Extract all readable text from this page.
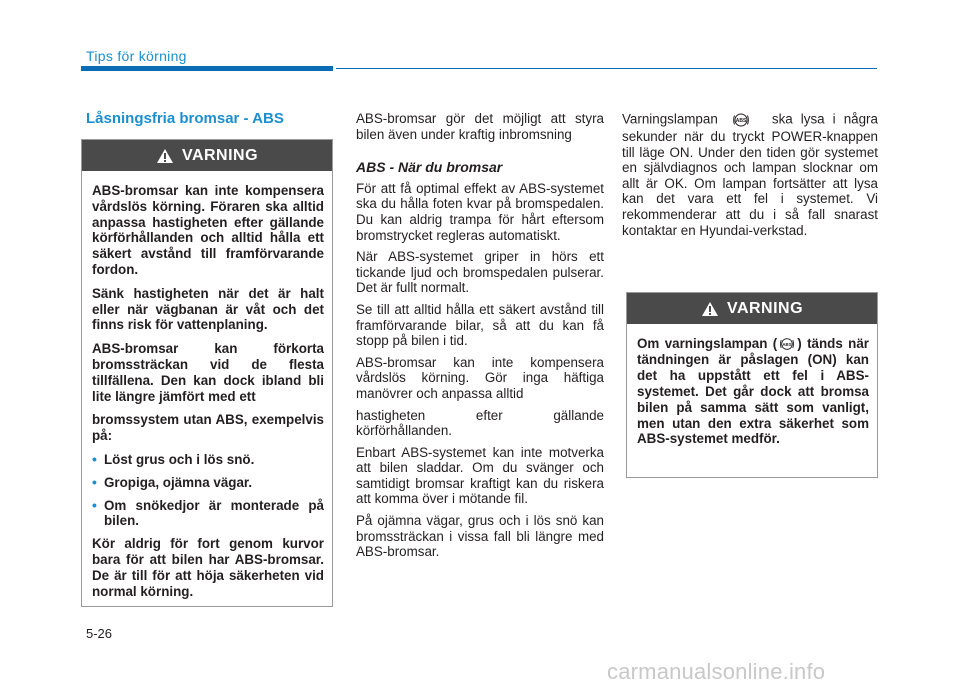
Tips för körning
Låsningsfria bromsar - ABS
VARNING

ABS-bromsar kan inte kompensera vårdslös körning. Föraren ska alltid anpassa hastigheten efter gällande körförhållanden och alltid hålla ett säkert avstånd till framförvarande fordon.

Sänk hastigheten när det är halt eller när vägbanan är våt och det finns risk för vattenplaning.

ABS-bromsar kan förkorta bromssträckan vid de flesta tillfällena. Den kan dock ibland bli lite längre jämfört med ett

bromssystem utan ABS, exempelvis på:

• Löst grus och i lös snö.
• Gropiga, ojämna vägar.
• Om snökedjor är monterade på bilen.

Kör aldrig för fort genom kurvor bara för att bilen har ABS-bromsar. De är till för att höja säkerheten vid normal körning.

ABS-bromsar gör det möjligt att styra bilen även under kraftig inbromsning

ABS - När du bromsar

För att få optimal effekt av ABS-systemet ska du hålla foten kvar på bromspedalen. Du kan aldrig trampa för hårt eftersom bromstrycket regleras automatiskt.

När ABS-systemet griper in hörs ett tickande ljud och bromspedalen pulserar. Det är fullt normalt.

Se till att alltid hålla ett säkert avstånd till framförvarande bilar, så att du kan få stopp på bilen i tid.

ABS-bromsar kan inte kompensera vårdslös körning. Gör inga häftiga manövrer och anpassa alltid

hastigheten efter gällande körförhållanden.

Enbart ABS-systemet kan inte motverka att bilen sladdar. Om du svänger och samtidigt bromsar kraftigt kan du riskera att komma över i mötande fil.

På ojämna vägar, grus och i lös snö kan bromssträckan i vissa fall bli längre med ABS-bromsar.

Varningslampan	ABS ska lysa i några sekunder när du tryckt POWER-knappen till läge ON. Under den tiden gör systemet en självdiagnos och lampan slocknar om allt är OK. Om lampan fortsätter att lysa kan det vara ett fel i systemet. Vi rekommenderar att du i så fall snarast kontaktar en Hyundai-verkstad.

VARNING

Om varningslampan ( ABS ) tänds när tändningen är påslagen (ON) kan det ha uppstått ett fel i ABS-systemet. Det går dock att bromsa bilen på samma sätt som vanligt, men utan den extra säkerhet som ABS-systemet medför.

5-26
carmanualsonline.info
